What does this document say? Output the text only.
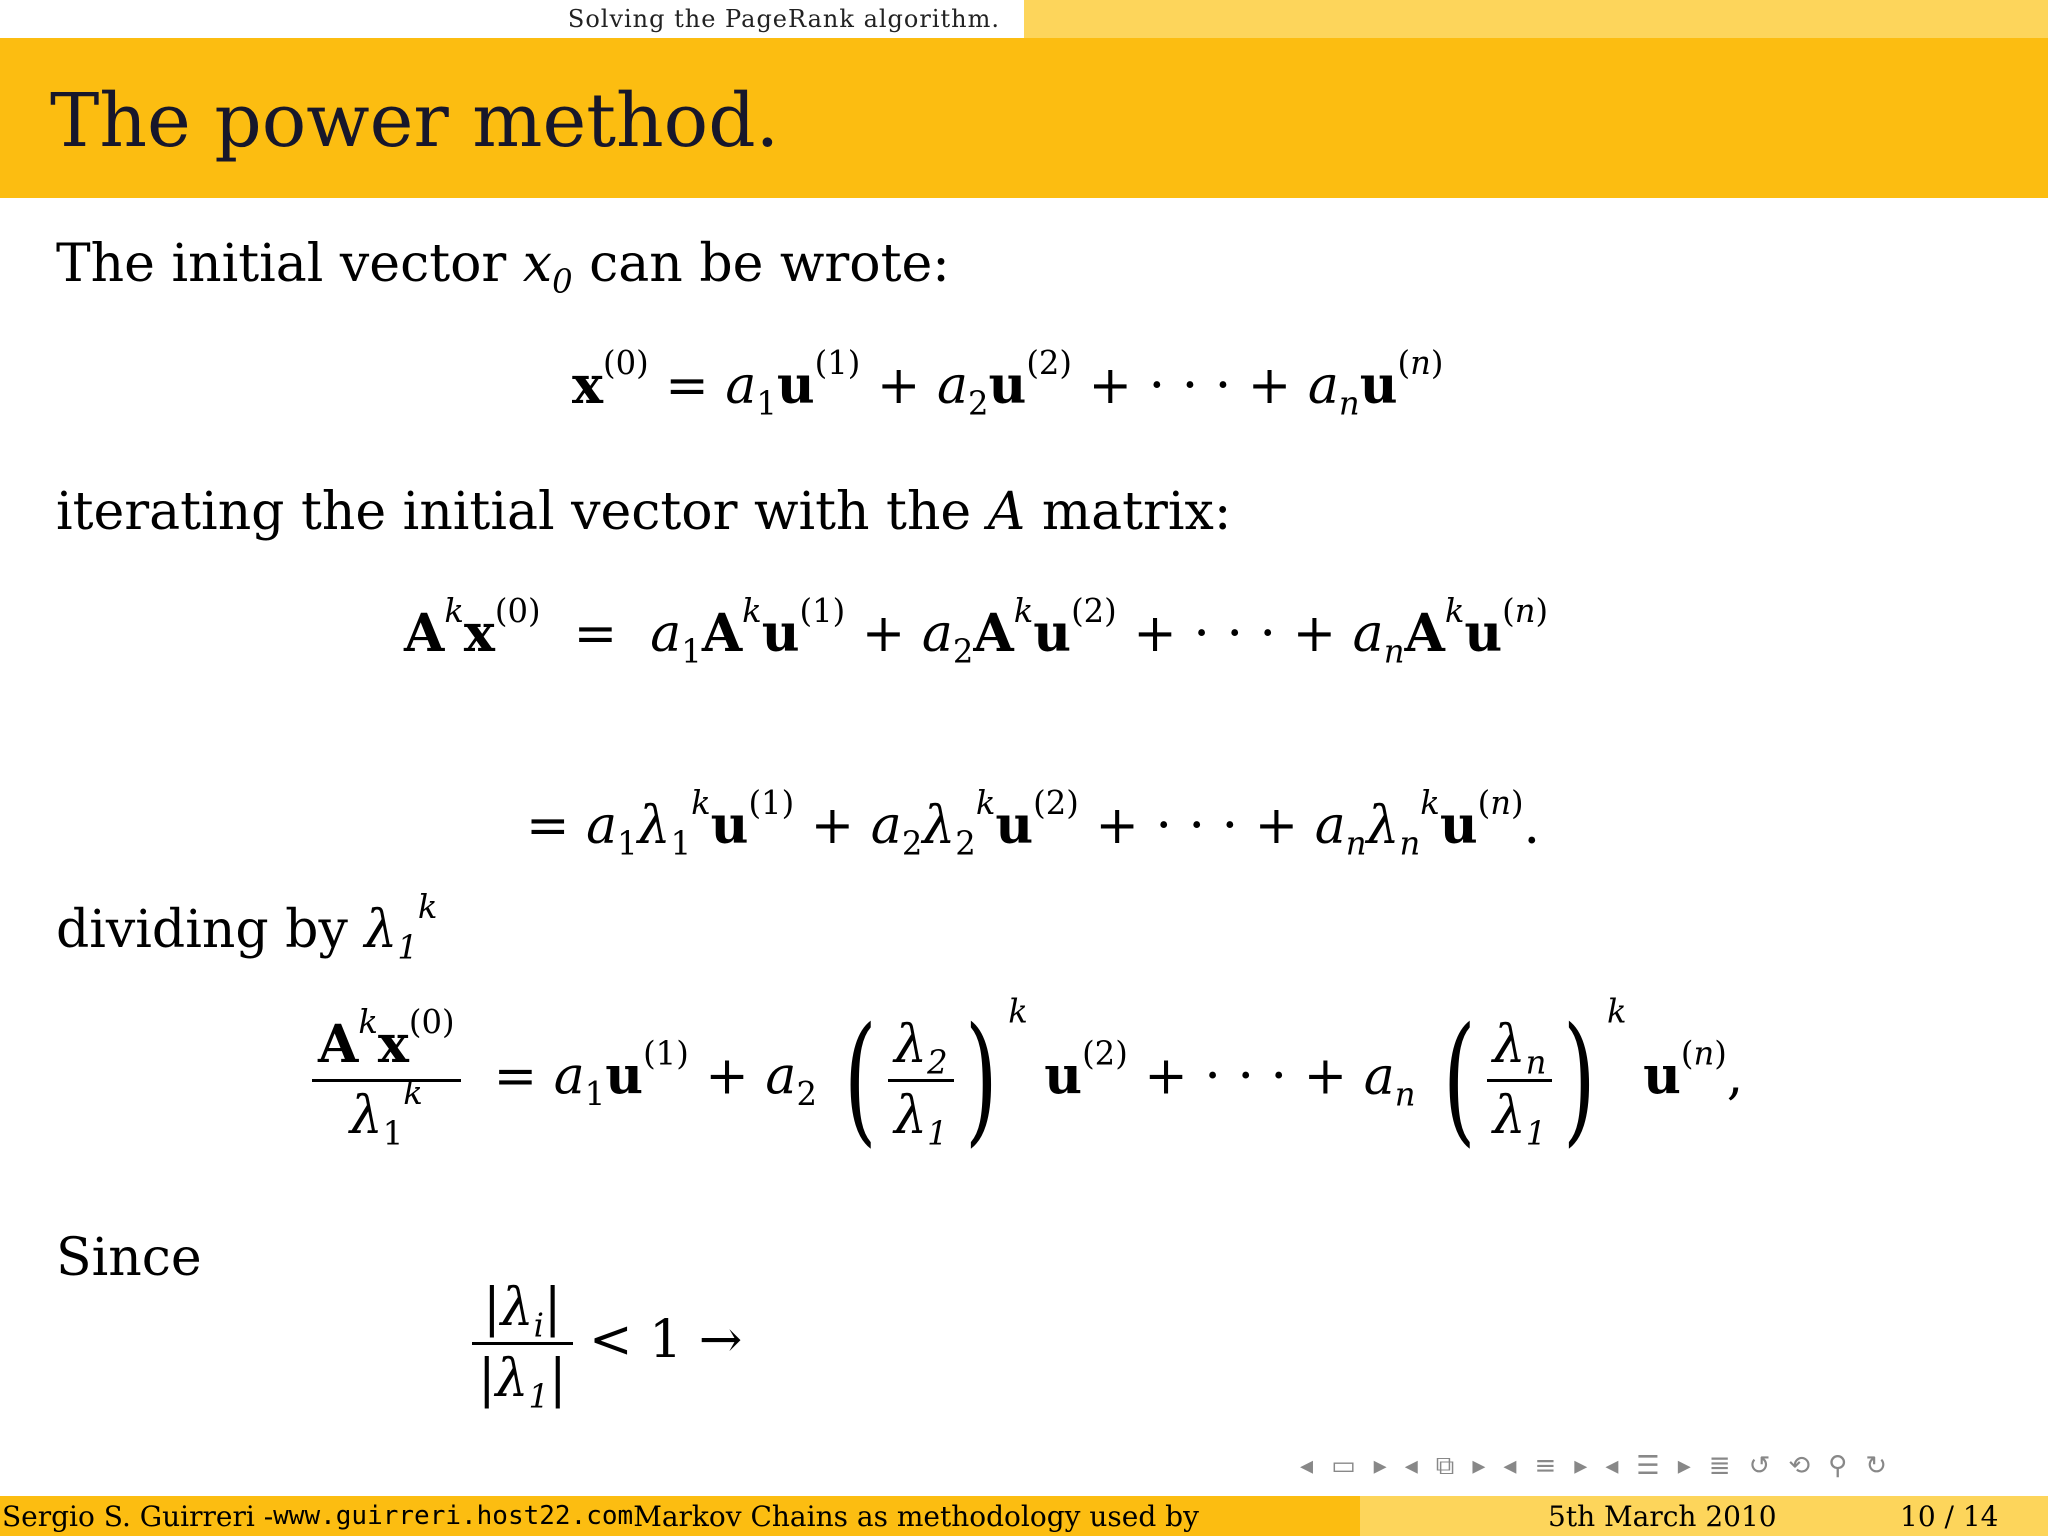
Solving the PageRank algorithm.
The power method.
The initial vector $x_0$ can be wrote:
$x^{(0)} = a_1u^{(1)} + a_2u^{(2)}$ + · · · + $a_nu^{(n)}$
iterating the initial vector with the A matrix:
$A^kx^{(0)} = a_1A^ku^{(1)} + a_2A^ku^{(2)}$ + · · · + $a_nA^ku^{(n)}$
= $a_1\lambda_1^ku^{(1)} + a_2\lambda_2^ku^{(2)}$ + · · · + $a_n\lambda_n^ku^{(n)}$.
dividing by $\lambda_1^k$
$\frac{A^kx^{(0)}}{\lambda_1^k} = a_1u^{(1)} + a_2$ ( $\frac{\lambda_2}{\lambda_1}$ ) $^k$ $u^{(2)}$ + · · · + $a_n$ ( $\frac{\lambda_n}{\lambda_1}$ ) $^k$ $u^{(n)}$,
Since
$\frac{|\lambda_i|}{|\lambda_1|} < 1$ →
◂ ▭ ▸ ◂ ⧉ ▸ ◂ ≡ ▸ ◂ ☰ ▸ ≣ ↺ ⟲ ⚲ ↻
Sergio S. Guirreri - www.guirreri.host22.com Markov Chains as methodology used by	5th March 2010	10 / 14
